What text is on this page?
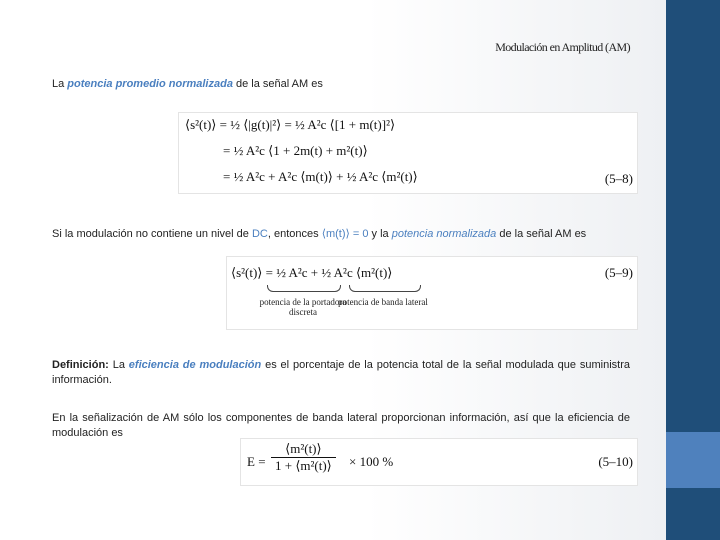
Modulación en Amplitud (AM)
La potencia promedio normalizada de la señal AM es
⟨s²(t)⟩ = ½ ⟨|g(t)|²⟩ = ½ A²c ⟨[1 + m(t)]²⟩
= ½ A²c ⟨1 + 2m(t) + m²(t)⟩
= ½ A²c + A²c ⟨m(t)⟩ + ½ A²c ⟨m²(t)⟩	(5–8)
Si la modulación no contiene un nivel de DC, entonces ⟨m(t)⟩ = 0 y la potencia normalizada de la señal AM es
⟨s²(t)⟩ = ½ A²c + ½ A²c ⟨m²(t)⟩	(5–9)
potencia de la portadora discreta
potencia de banda lateral
Definición: La eficiencia de modulación es el porcentaje de la potencia total de la señal modulada que suministra información.
En la señalización de AM sólo los componentes de banda lateral proporcionan información, así que la eficiencia de modulación es
$E = \frac{\text{⟨m²(t)⟩}}{\text{1 + ⟨m²(t)⟩}} \times 100$ %	(5–10)
